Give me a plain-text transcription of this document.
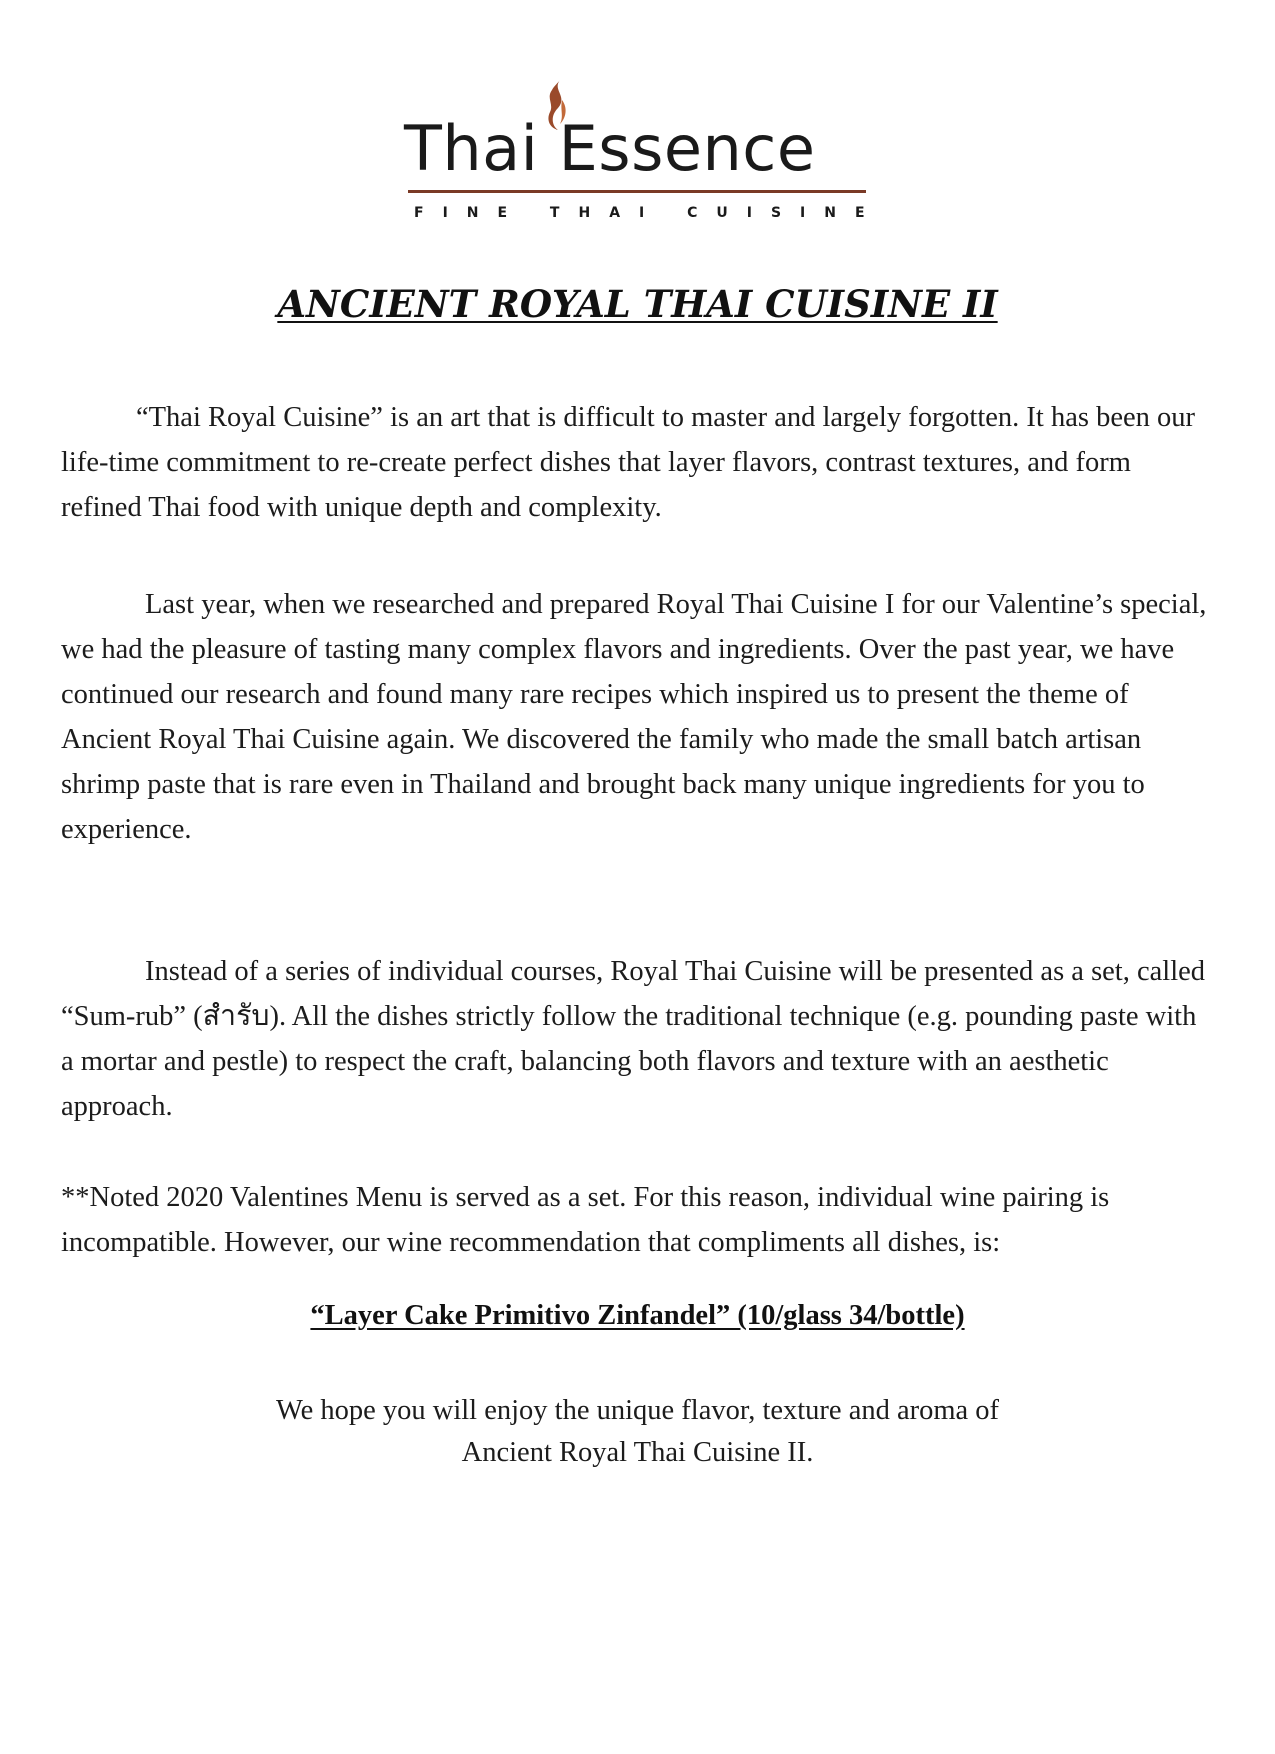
Thai Essence
FINE THAI CUISINE
ANCIENT ROYAL THAI CUISINE II

“Thai Royal Cuisine” is an art that is difficult to master and largely forgotten. It has been our life-time commitment to re-create perfect dishes that layer flavors, contrast textures, and form refined Thai food with unique depth and complexity.

Last year, when we researched and prepared Royal Thai Cuisine I for our Valentine’s special, we had the pleasure of tasting many complex flavors and ingredients. Over the past year, we have continued our research and found many rare recipes which inspired us to present the theme of Ancient Royal Thai Cuisine again. We discovered the family who made the small batch artisan shrimp paste that is rare even in Thailand and brought back many unique ingredients for you to experience.

Instead of a series of individual courses, Royal Thai Cuisine will be presented as a set, called “Sum-rub” (สำรับ). All the dishes strictly follow the traditional technique (e.g. pounding paste with a mortar and pestle) to respect the craft, balancing both flavors and texture with an aesthetic approach.

**Noted 2020 Valentines Menu is served as a set. For this reason, individual wine pairing is incompatible. However, our wine recommendation that compliments all dishes, is:

“Layer Cake Primitivo Zinfandel” (10/glass 34/bottle)
We hope you will enjoy the unique flavor, texture and aroma of
Ancient Royal Thai Cuisine II.
